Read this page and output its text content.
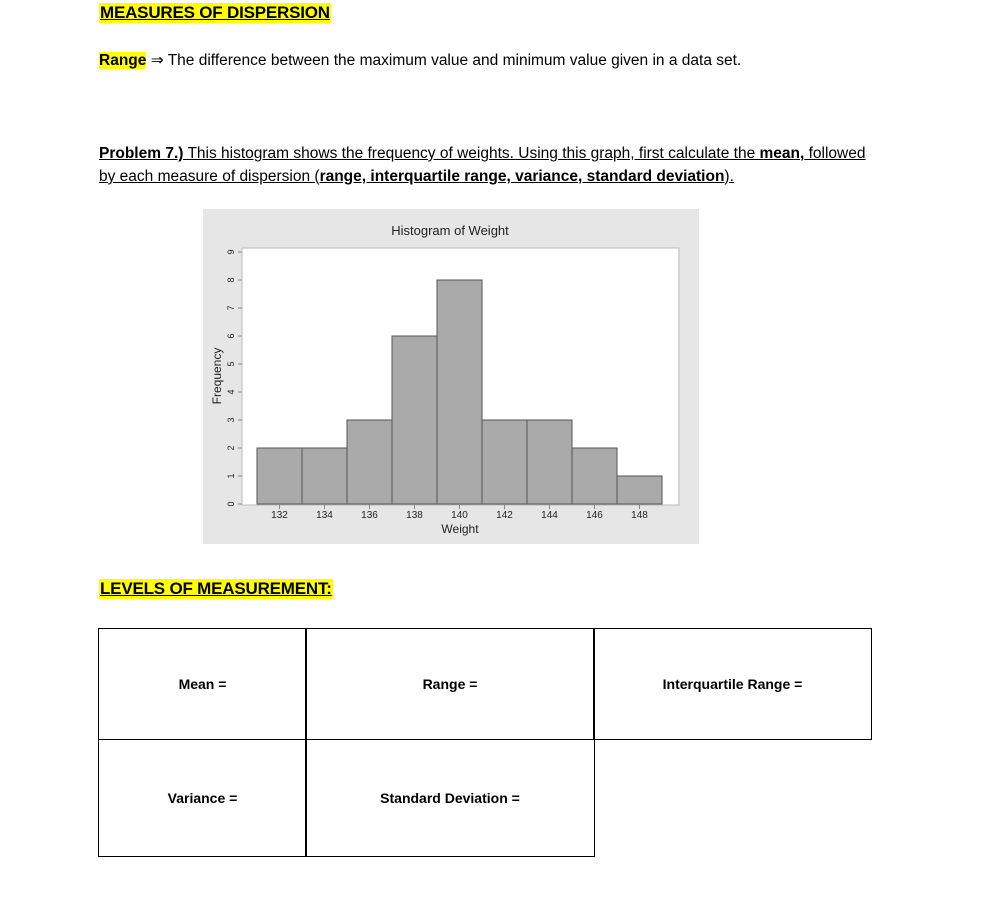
MEASURES OF DISPERSION
Range ⇒ The difference between the maximum value and minimum value given in a data set.
Problem 7.) This histogram shows the frequency of weights. Using this graph, first calculate the mean, followed by each measure of dispersion (range, interquartile range, variance, standard deviation).
Histogram of Weight
0
1
2
3
4
5
6
7
8
9
132	134	136	138	140	142	144	146	148
Weight
Frequency
LEVELS OF MEASUREMENT:
Mean =	Range =	Interquartile Range =
Variance =	Standard Deviation =
